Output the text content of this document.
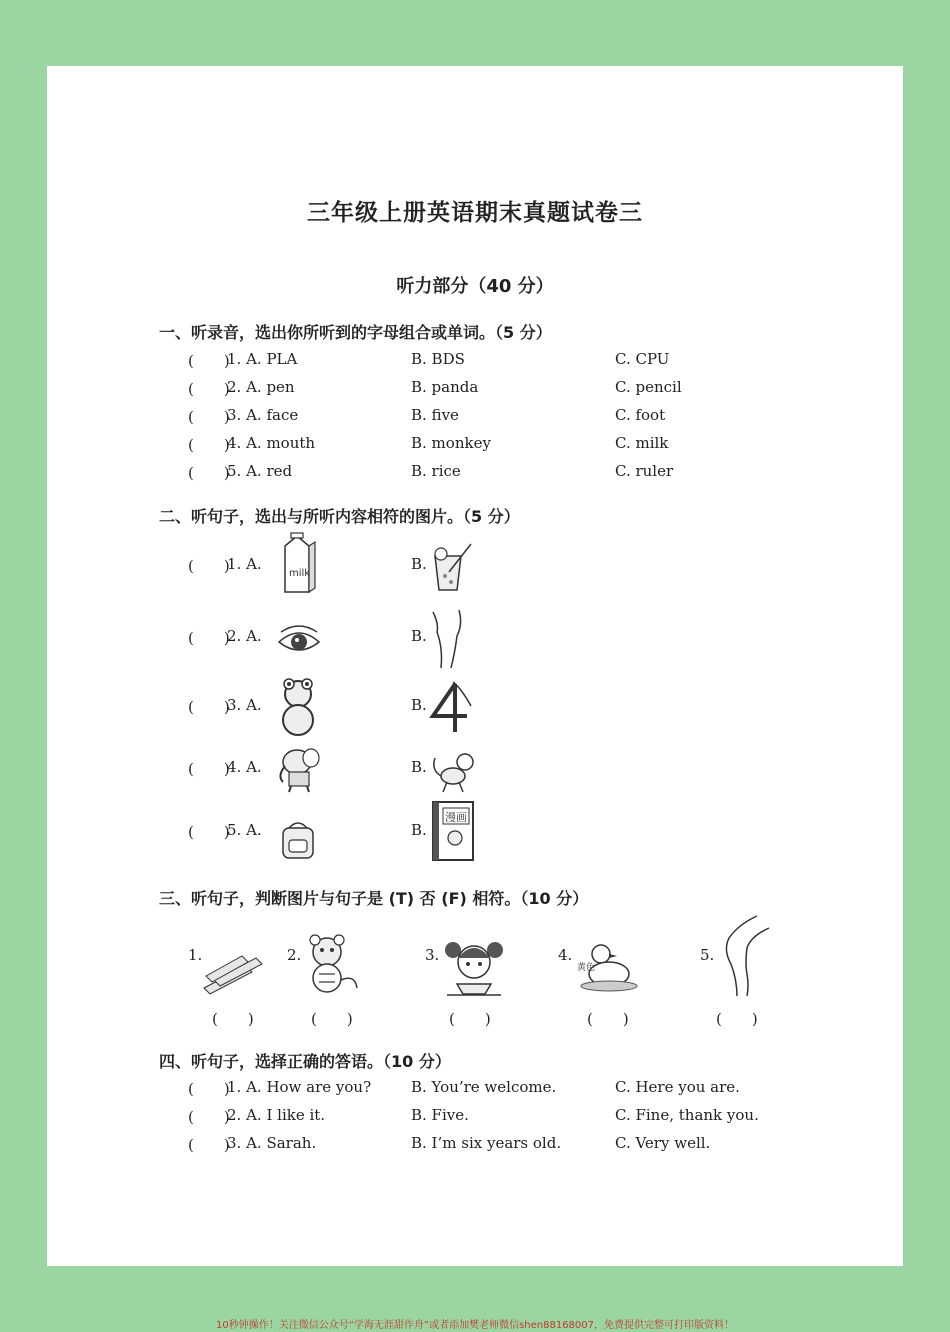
三年级上册英语期末真题试卷三
听力部分（40 分）
一、听录音，选出你所听到的字母组合或单词。（5 分）
(　　)
1. A. PLA	B. BDS	C. CPU
(　　)
2. A. pen	B. panda	C. pencil
(　　)
3. A. face	B. five	C. foot
(　　)
4. A. mouth	B. monkey	C. milk
(　　)
5. A. red	B. rice	C. ruler
二、听句子，选出与所听内容相符的图片。（5 分）
(　　)
1. A.	B.
milk
(　　)
2. A.	B.
(　　)
3. A.	B.
(　　)
4. A.	B.
(　　)
5. A.	B.
漫画
三、听句子，判断图片与句子是 (T) 否 (F) 相符。（10 分）
1.	2.	3.	4.
黄色
5.
(　　)	(　　)	(　　)	(　　)	(　　)
四、听句子，选择正确的答语。（10 分）
(　　)
1. A. How are you?	B. You’re welcome.	C. Here you are.
(　　)
2. A. I like it.	B. Five.	C. Fine, thank you.
(　　)
3. A. Sarah.	B. I’m six years old.	C. Very well.
10秒钟操作！关注微信公众号“学海无涯甜作舟”或者添加樊老师微信shen88168007，免费提供完整可打印版资料！
